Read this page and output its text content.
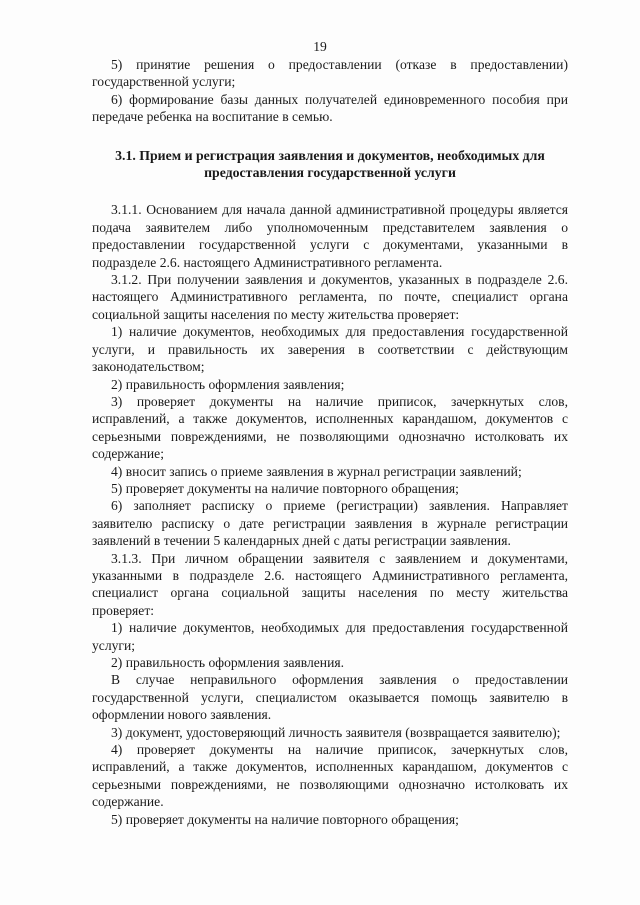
19

5) принятие решения о предоставлении (отказе в предоставлении) государственной услуги;

6) формирование базы данных получателей единовременного пособия при передаче ребенка на воспитание в семью.

3.1. Прием и регистрация заявления и документов, необходимых для предоставления государственной услуги

3.1.1. Основанием для начала данной административной процедуры является подача заявителем либо уполномоченным представителем заявления о предоставлении государственной услуги с документами, указанными в подразделе 2.6. настоящего Административного регламента.

3.1.2. При получении заявления и документов, указанных в подразделе 2.6. настоящего Административного регламента, по почте, специалист органа социальной защиты населения по месту жительства проверяет:

1) наличие документов, необходимых для предоставления государственной услуги, и правильность их заверения в соответствии с действующим законодательством;

2) правильность оформления заявления;

3) проверяет документы на наличие приписок, зачеркнутых слов, исправлений, а также документов, исполненных карандашом, документов с серьезными повреждениями, не позволяющими однозначно истолковать их содержание;

4) вносит запись о приеме заявления в журнал регистрации заявлений;

5) проверяет документы на наличие повторного обращения;

6) заполняет расписку о приеме (регистрации) заявления. Направляет заявителю расписку о дате регистрации заявления в журнале регистрации заявлений в течении 5 календарных дней с даты регистрации заявления.

3.1.3. При личном обращении заявителя с заявлением и документами, указанными в подразделе 2.6. настоящего Административного регламента, специалист органа социальной защиты населения по месту жительства проверяет:

1) наличие документов, необходимых для предоставления государственной услуги;

2) правильность оформления заявления.

В случае неправильного оформления заявления о предоставлении государственной услуги, специалистом оказывается помощь заявителю в оформлении нового заявления.

3) документ, удостоверяющий личность заявителя (возвращается заявителю);

4) проверяет документы на наличие приписок, зачеркнутых слов, исправлений, а также документов, исполненных карандашом, документов с серьезными повреждениями, не позволяющими однозначно истолковать их содержание.

5) проверяет документы на наличие повторного обращения;
